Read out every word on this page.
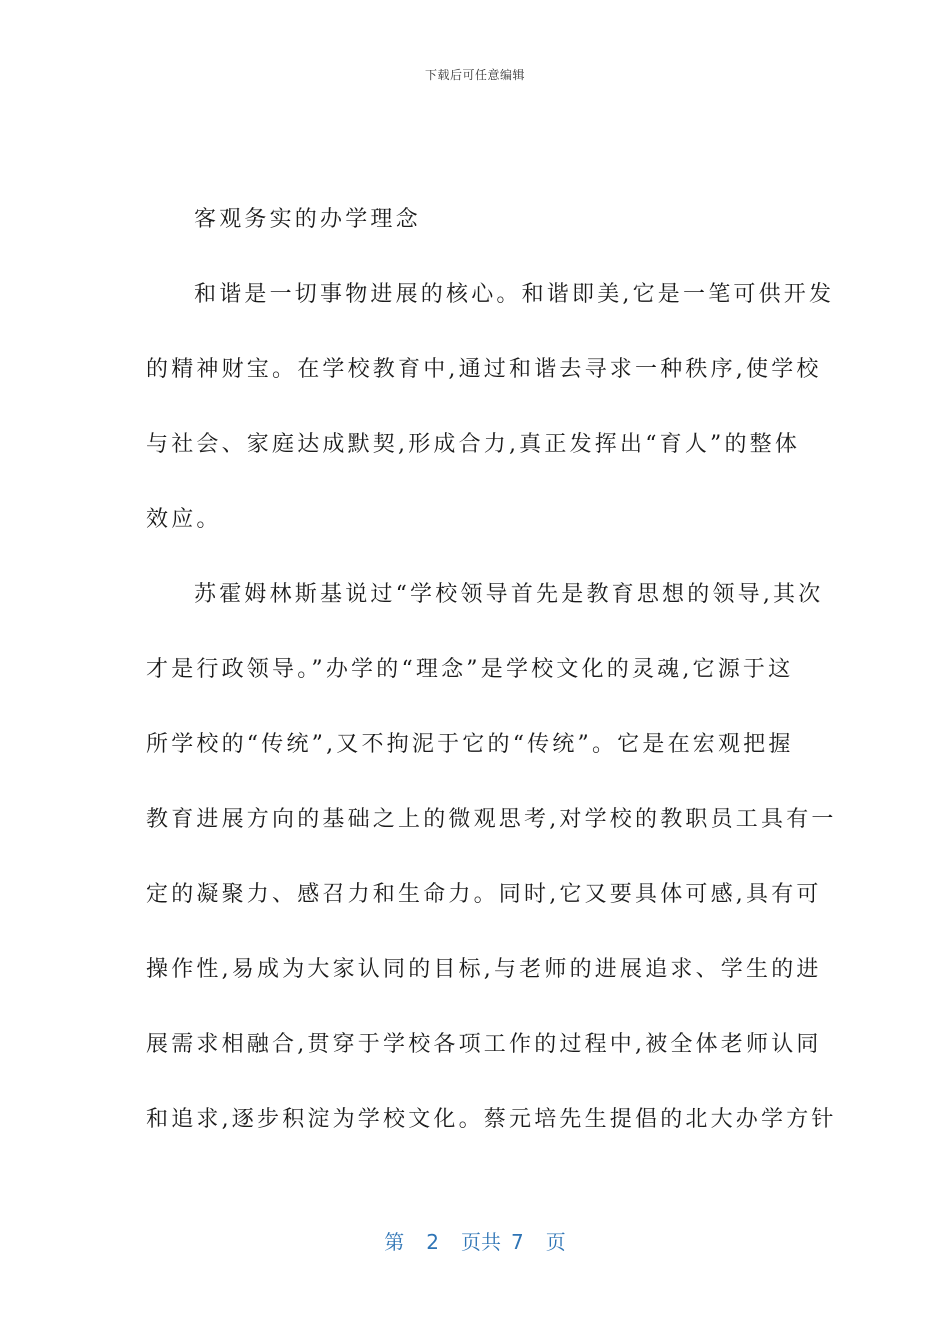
下载后可任意编辑
客观务实的办学理念
和谐是一切事物进展的核心。和谐即美,它是一笔可供开发
的精神财宝。在学校教育中,通过和谐去寻求一种秩序,使学校
与社会、家庭达成默契,形成合力,真正发挥出“育人”的整体
效应。
苏霍姆林斯基说过“学校领导首先是教育思想的领导,其次
才是行政领导。”办学的“理念”是学校文化的灵魂,它源于这
所学校的“传统”,又不拘泥于它的“传统”。它是在宏观把握
教育进展方向的基础之上的微观思考,对学校的教职员工具有一
定的凝聚力、感召力和生命力。同时,它又要具体可感,具有可
操作性,易成为大家认同的目标,与老师的进展追求、学生的进
展需求相融合,贯穿于学校各项工作的过程中,被全体老师认同
和追求,逐步积淀为学校文化。蔡元培先生提倡的北大办学方针
第 2 页共 7 页
